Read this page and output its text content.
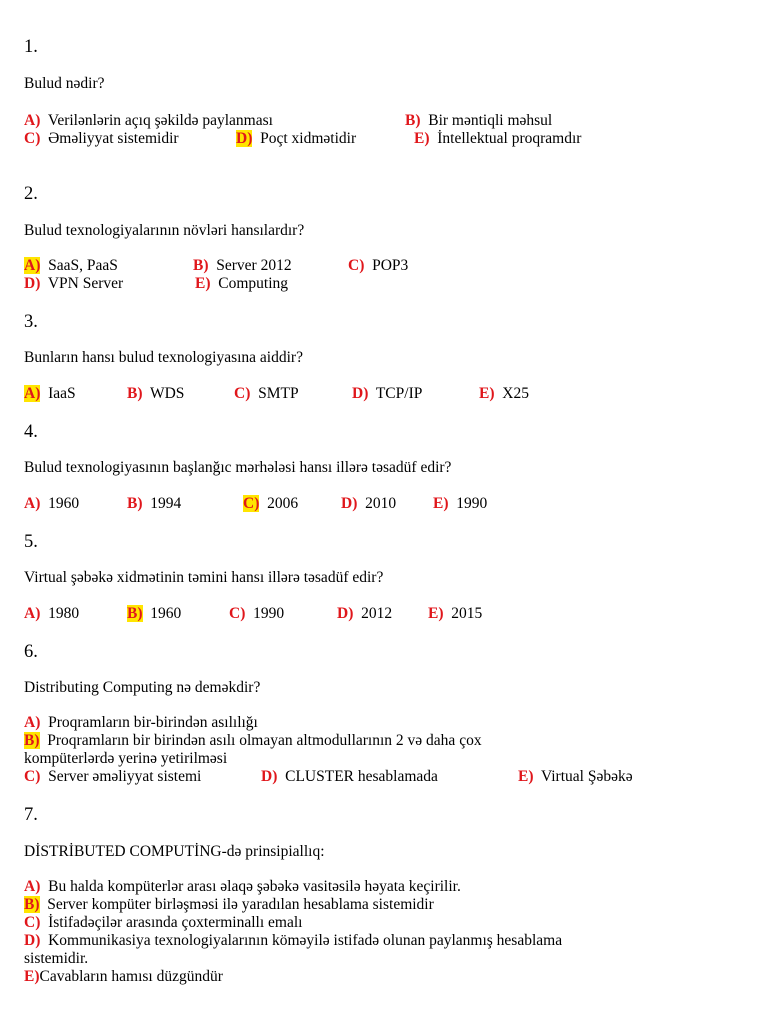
1.
Bulud nədir?
A) Verilənlərin açıq şəkildə paylanması	B) Bir məntiqli məhsul
C) Əməliyyat sistemidir	D) Poçt xidmətidir	E) İntellektual proqramdır
2.
Bulud texnologiyalarının növləri hansılardır?
A) SaaS, PaaS	B) Server 2012	C) POP3
D) VPN Server	E) Computing
3.
Bunların hansı bulud texnologiyasına aiddir?
A) IaaS	B) WDS	C) SMTP	D) TCP/IP	E) X25
4.
Bulud texnologiyasının başlanğıc mərhələsi hansı illərə təsadüf edir?
A) 1960	B) 1994	C) 2006	D) 2010 E) 1990
5.
Virtual şəbəkə xidmətinin təmini hansı illərə təsadüf edir?
A) 1980	B) 1960	C) 1990	D) 2012 E) 2015
6.
Distributing Computing nə deməkdir?
A) Proqramların bir-birindən asılılığı
B) Proqramların bir birindən asılı olmayan altmodullarının 2 və daha çox
kompüterlərdə yerinə yetirilməsi
C) Server əməliyyat sistemi	D) CLUSTER hesablamada	E) Virtual Şəbəkə
7.
DİSTRİBUTED COMPUTİNG-də prinsipiallıq:
A) Bu halda kompüterlər arası əlaqə şəbəkə vasitəsilə həyata keçirilir.
B) Server kompüter birləşməsi ilə yaradılan hesablama sistemidir
C) İstifadəçilər arasında çoxterminallı emalı
D) Kommunikasiya texnologiyalarının köməyilə istifadə olunan paylanmış hesablama
sistemidir.
E)Cavabların hamısı düzgündür
